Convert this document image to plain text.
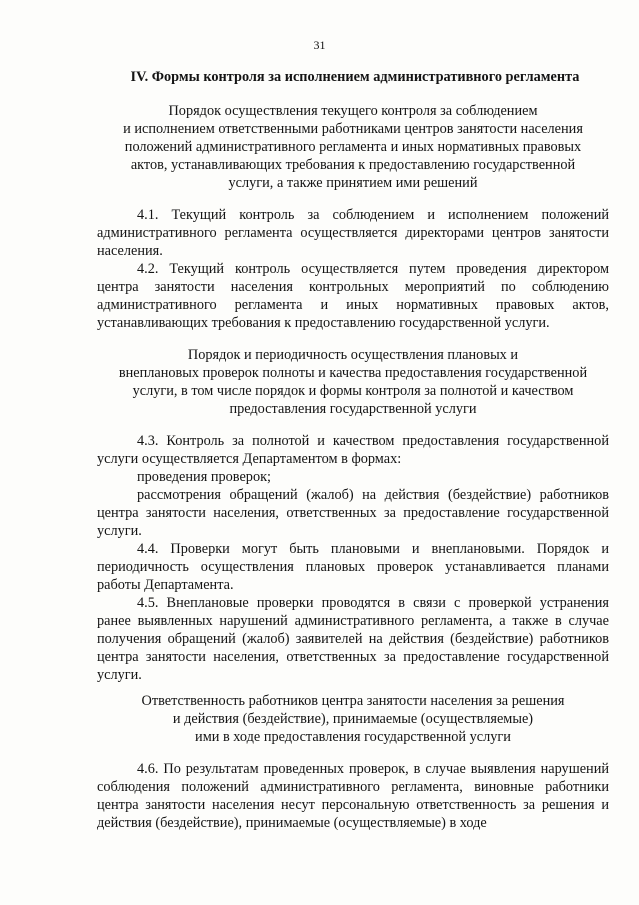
31
IV. Формы контроля за исполнением административного регламента
Порядок осуществления текущего контроля за соблюдением
и исполнением ответственными работниками центров занятости населения
положений административного регламента и иных нормативных правовых
актов, устанавливающих требования к предоставлению государственной
услуги, а также принятием ими решений

4.1. Текущий контроль за соблюдением и исполнением положений административного регламента осуществляется директорами центров занятости населения.

4.2. Текущий контроль осуществляется путем проведения директором центра занятости населения контрольных мероприятий по соблюдению административного регламента и иных нормативных правовых актов, устанавливающих требования к предоставлению государственной услуги.

Порядок и периодичность осуществления плановых и
внеплановых проверок полноты и качества предоставления государственной
услуги, в том числе порядок и формы контроля за полнотой и качеством
предоставления государственной услуги

4.3. Контроль за полнотой и качеством предоставления государственной услуги осуществляется Департаментом в формах:

проведения проверок;

рассмотрения обращений (жалоб) на действия (бездействие) работников центра занятости населения, ответственных за предоставление государственной услуги.

4.4. Проверки могут быть плановыми и внеплановыми. Порядок и периодичность осуществления плановых проверок устанавливается планами работы Департамента.

4.5. Внеплановые проверки проводятся в связи с проверкой устранения ранее выявленных нарушений административного регламента, а также в случае получения обращений (жалоб) заявителей на действия (бездействие) работников центра занятости населения, ответственных за предоставление государственной услуги.

Ответственность работников центра занятости населения за решения
и действия (бездействие), принимаемые (осуществляемые)
ими в ходе предоставления государственной услуги

4.6. По результатам проведенных проверок, в случае выявления нарушений соблюдения положений административного регламента, виновные работники центра занятости населения несут персональную ответственность за решения и действия (бездействие), принимаемые (осуществляемые) в ходе
